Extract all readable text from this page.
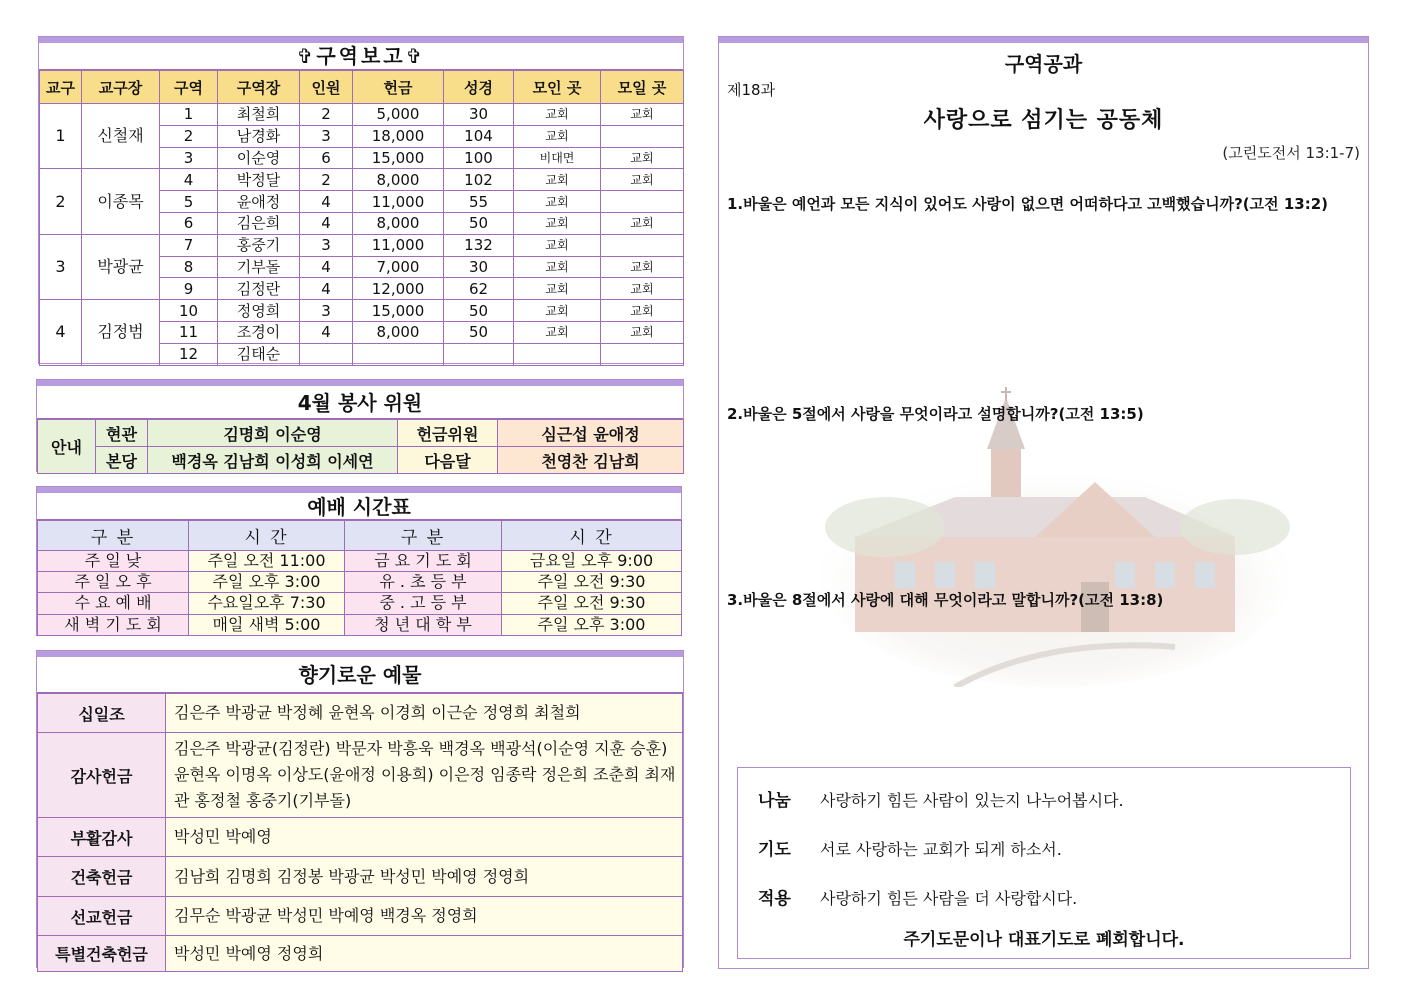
✞구역보고✞
교구	교구장	구역	구역장	인원	헌금	성경	모인 곳	모일 곳
1	신철재	1	최철희	2	5,000	30	교회	교회
		2	남경화	3	18,000	104	교회	
		3	이순영	6	15,000	100	비대면	교회
2	이종목	4	박정달	2	8,000	102	교회	교회
		5	윤애정	4	11,000	55	교회	
		6	김은희	4	8,000	50	교회	교회
3	박광균	7	홍중기	3	11,000	132	교회	
		8	기부돌	4	7,000	30	교회	교회
		9	김정란	4	12,000	62	교회	교회
4	김정범	10	정영희	3	15,000	50	교회	교회
		11	조경이	4	8,000	50	교회	교회
		12	김태순					
4월 봉사 위원
안내	현관	김명희 이순영	헌금위원	심근섭 윤애정
	본당	백경옥 김남희 이성희 이세연	다음달	천영찬 김남희
예배 시간표
구 분	시 간	구 분	시 간
주 일 낮	주일 오전 11:00	금 요 기 도 회	금요일 오후 9:00
주 일 오 후	주일 오후 3:00	유 . 초 등 부	주일 오전 9:30
수 요 예 배	수요일오후 7:30	중 . 고 등 부	주일 오전 9:30
새 벽 기 도 회	매일 새벽 5:00	청 년 대 학 부	주일 오후 3:00
향기로운 예물
십일조	김은주 박광균 박정혜 윤현옥 이경희 이근순 정영희 최철희
감사헌금	김은주 박광균(김정란) 박문자 박흥욱 백경옥 백광석(이순영 지훈 승훈) 윤현옥 이명옥 이상도(윤애정 이용희) 이은정 임종락 정은희 조춘희 최재관 홍정철 홍중기(기부돌)
부활감사	박성민 박예영
건축헌금	김남희 김명희 김정봉 박광균 박성민 박예영 정영희
선교헌금	김무순 박광균 박성민 박예영 백경옥 정영희
특별건축헌금	박성민 박예영 정영희
구역공과
제18과
사랑으로 섬기는 공동체
(고린도전서 13:1-7)
1.바울은 예언과 모든 지식이 있어도 사랑이 없으면 어떠하다고 고백했습니까?(고전 13:2)
2.바울은 5절에서 사랑을 무엇이라고 설명합니까?(고전 13:5)
3.바울은 8절에서 사랑에 대해 무엇이라고 말합니까?(고전 13:8)
나눔 사랑하기 힘든 사람이 있는지 나누어봅시다.
기도 서로 사랑하는 교회가 되게 하소서.
적용 사랑하기 힘든 사람을 더 사랑합시다.
주기도문이나 대표기도로 폐회합니다.
